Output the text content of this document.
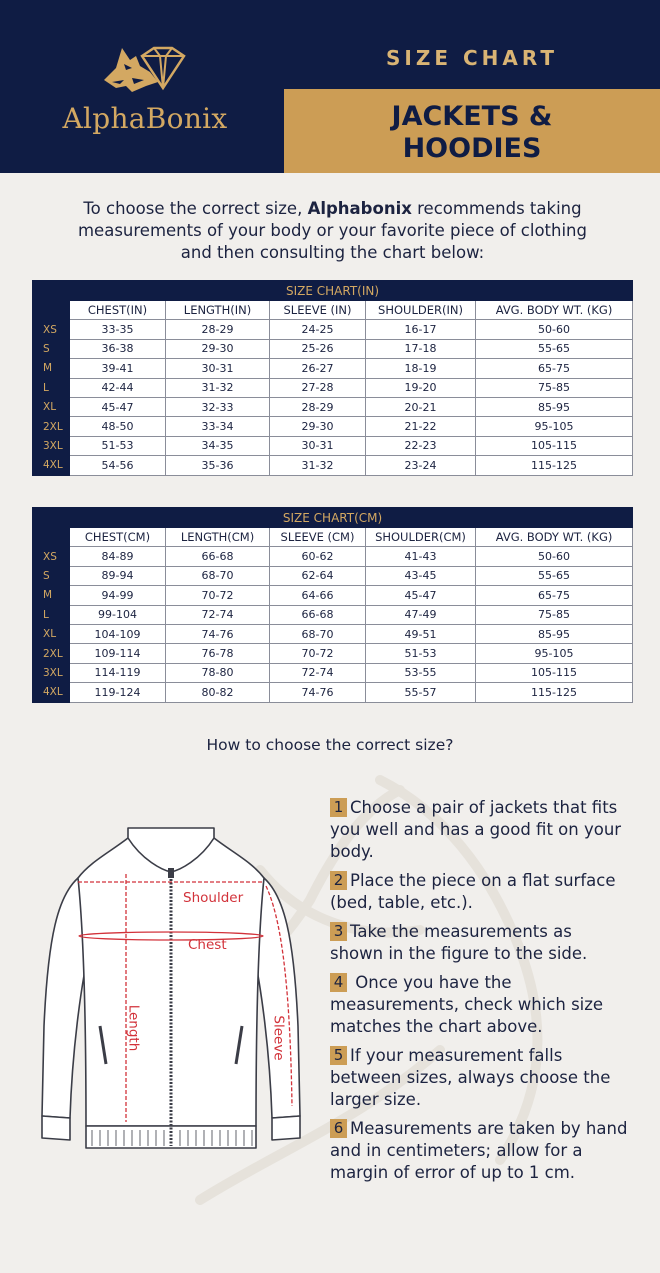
AlphaBonix
SIZE CHART
JACKETS &
HOODIES
To choose the correct size, Alphabonix recommends taking measurements of your body or your favorite piece of clothing and then consulting the chart below:
SIZE CHART(IN)					
	CHEST(IN)	LENGTH(IN)	SLEEVE (IN)	SHOULDER(IN)	AVG. BODY WT. (KG)
XS	33-35	28-29	24-25	16-17	50-60
S	36-38	29-30	25-26	17-18	55-65
M	39-41	30-31	26-27	18-19	65-75
L	42-44	31-32	27-28	19-20	75-85
XL	45-47	32-33	28-29	20-21	85-95
2XL	48-50	33-34	29-30	21-22	95-105
3XL	51-53	34-35	30-31	22-23	105-115
4XL	54-56	35-36	31-32	23-24	115-125
SIZE CHART(CM)					
	CHEST(CM)	LENGTH(CM)	SLEEVE (CM)	SHOULDER(CM)	AVG. BODY WT. (KG)
XS	84-89	66-68	60-62	41-43	50-60
S	89-94	68-70	62-64	43-45	55-65
M	94-99	70-72	64-66	45-47	65-75
L	99-104	72-74	66-68	47-49	75-85
XL	104-109	74-76	68-70	49-51	85-95
2XL	109-114	76-78	70-72	51-53	95-105
3XL	114-119	78-80	72-74	53-55	105-115
4XL	119-124	80-82	74-76	55-57	115-125
How to choose the correct size?
Shoulder
Chest
Length	Sleeve
1 Choose a pair of jackets that fits you well and has a good fit on your body.
2 Place the piece on a flat surface (bed, table, etc.).
3 Take the measurements as shown in the figure to the side.
4 Once you have the measurements, check which size matches the chart above.
5 If your measurement falls between sizes, always choose the larger size.
6 Measurements are taken by hand and in centimeters; allow for a margin of error of up to 1 cm.
